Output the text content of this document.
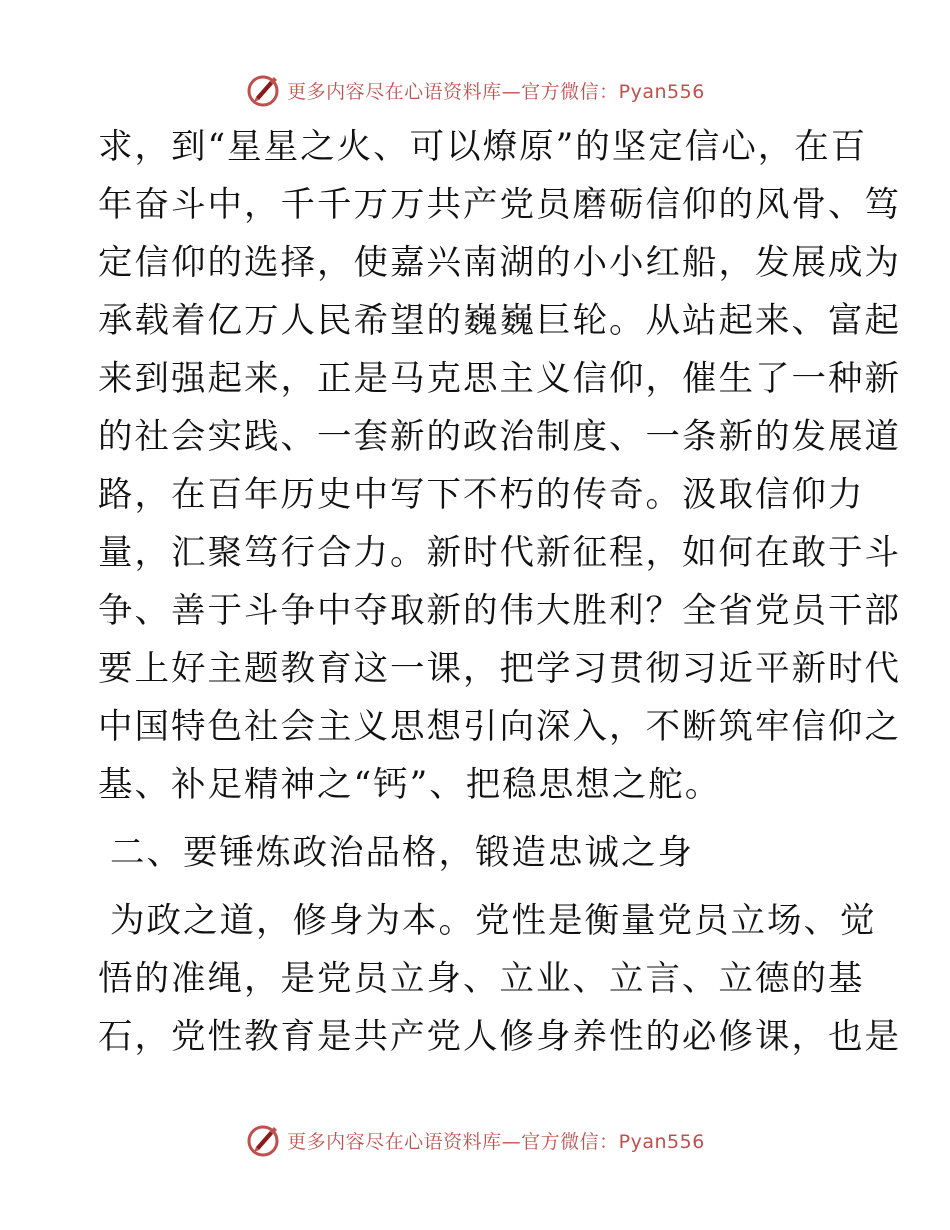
更多内容尽在心语资料库—官方微信：Pyan556
求，到“星星之火、可以燎原”的坚定信心，在百
年奋斗中，千千万万共产党员磨砺信仰的风骨、笃
定信仰的选择，使嘉兴南湖的小小红船，发展成为
承载着亿万人民希望的巍巍巨轮。从站起来、富起
来到强起来，正是马克思主义信仰，催生了一种新
的社会实践、一套新的政治制度、一条新的发展道
路，在百年历史中写下不朽的传奇。汲取信仰力
量，汇聚笃行合力。新时代新征程，如何在敢于斗
争、善于斗争中夺取新的伟大胜利？全省党员干部
要上好主题教育这一课，把学习贯彻习近平新时代
中国特色社会主义思想引向深入，不断筑牢信仰之
基、补足精神之“钙”、把稳思想之舵。
二、要锤炼政治品格，锻造忠诚之身
为政之道，修身为本。党性是衡量党员立场、觉
悟的准绳，是党员立身、立业、立言、立德的基
石，党性教育是共产党人修身养性的必修课，也是
更多内容尽在心语资料库—官方微信：Pyan556
